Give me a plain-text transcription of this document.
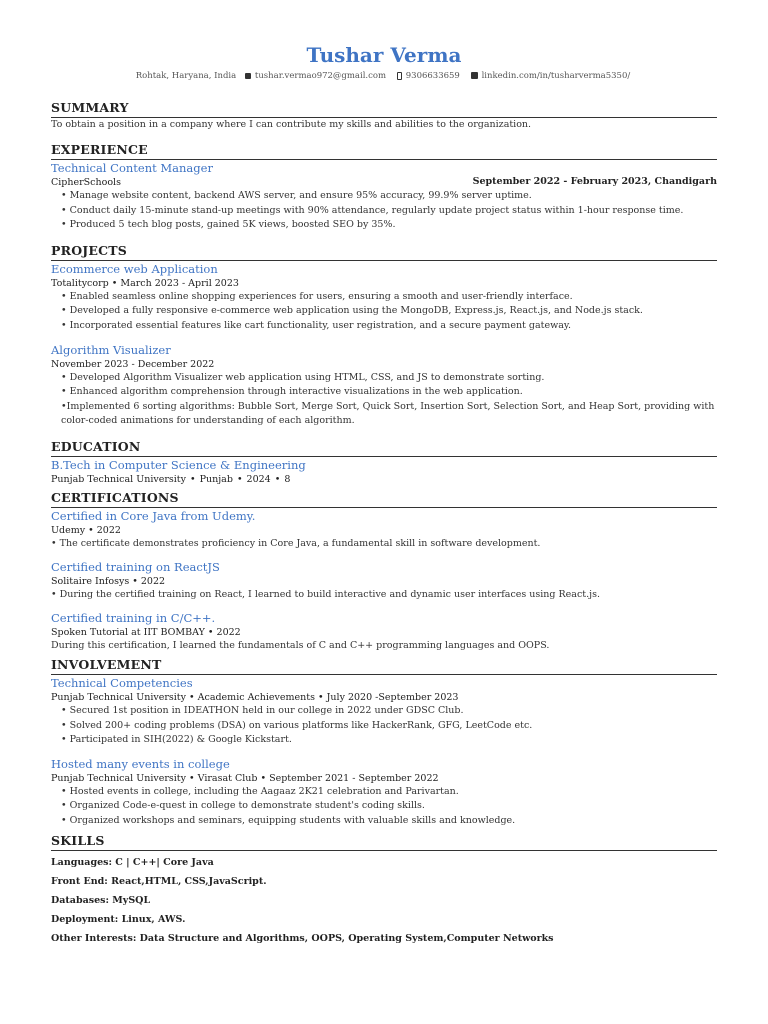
Tushar Verma
Rohtak, Haryana, India tushar.vermao972@gmail.com 9306633659	linkedin.com/in/tusharverma5350/
SUMMARY
To obtain a position in a company where I can contribute my skills and abilities to the organization.
EXPERIENCE
Technical Content Manager
CipherSchools	September 2022 - February 2023, Chandigarh
• Manage website content, backend AWS server, and ensure 95% accuracy, 99.9% server uptime.
• Conduct daily 15-minute stand-up meetings with 90% attendance, regularly update project status within 1-hour response time.
• Produced 5 tech blog posts, gained 5K views, boosted SEO by 35%.
PROJECTS
Ecommerce web Application
Totalitycorp • March 2023 - April 2023
• Enabled seamless online shopping experiences for users, ensuring a smooth and user-friendly interface.
• Developed a fully responsive e-commerce web application using the MongoDB, Express.js, React.js, and Node.js stack.
• Incorporated essential features like cart functionality, user registration, and a secure payment gateway.
Algorithm Visualizer
November 2023 - December 2022
• Developed Algorithm Visualizer web application using HTML, CSS, and JS to demonstrate sorting.
• Enhanced algorithm comprehension through interactive visualizations in the web application.
•Implemented 6 sorting algorithms: Bubble Sort, Merge Sort, Quick Sort, Insertion Sort, Selection Sort, and Heap Sort, providing with color-coded animations for understanding of each algorithm.
EDUCATION
B.Tech in Computer Science & Engineering
Punjab Technical University • Punjab • 2024 • 8
CERTIFICATIONS
Certified in Core Java from Udemy.
Udemy • 2022
• The certificate demonstrates proficiency in Core Java, a fundamental skill in software development.
Certified training on ReactJS
Solitaire Infosys • 2022
• During the certified training on React, I learned to build interactive and dynamic user interfaces using React.js.
Certified training in C/C++.
Spoken Tutorial at IIT BOMBAY • 2022
During this certification, I learned the fundamentals of C and C++ programming languages and OOPS.
INVOLVEMENT
Technical Competencies
Punjab Technical University • Academic Achievements • July 2020 -September 2023
• Secured 1st position in IDEATHON held in our college in 2022 under GDSC Club.
• Solved 200+ coding problems (DSA) on various platforms like HackerRank, GFG, LeetCode etc.
• Participated in SIH(2022) & Google Kickstart.
Hosted many events in college
Punjab Technical University • Virasat Club • September 2021 - September 2022
• Hosted events in college, including the Aagaaz 2K21 celebration and Parivartan.
• Organized Code-e-quest in college to demonstrate student's coding skills.
• Organized workshops and seminars, equipping students with valuable skills and knowledge.
SKILLS
Languages: C | C++| Core Java
Front End: React,HTML, CSS,JavaScript.
Databases: MySQL
Deployment: Linux, AWS.
Other Interests: Data Structure and Algorithms, OOPS, Operating System,Computer Networks
